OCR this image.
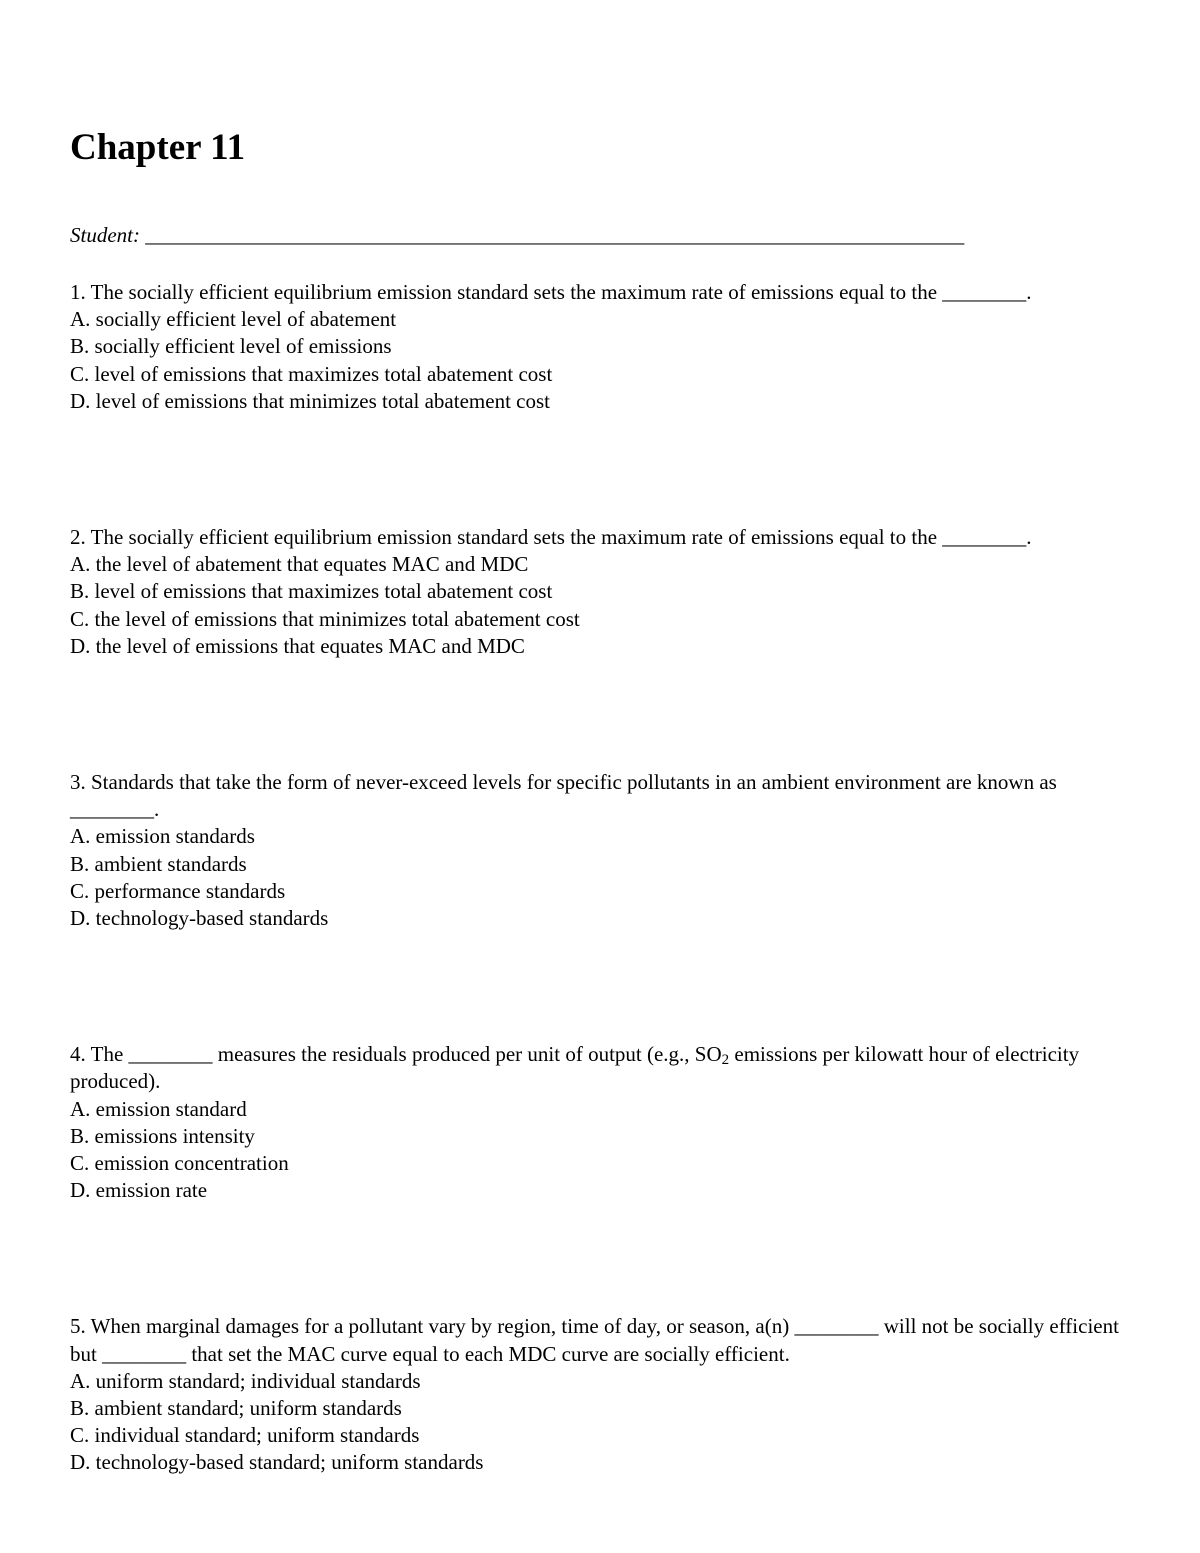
Chapter 11
Student: ______________________________________________________________________________

1. The socially efficient equilibrium emission standard sets the maximum rate of emissions equal to the ________.

A. socially efficient level of abatement

B. socially efficient level of emissions

C. level of emissions that maximizes total abatement cost

D. level of emissions that minimizes total abatement cost

2. The socially efficient equilibrium emission standard sets the maximum rate of emissions equal to the ________.

A. the level of abatement that equates MAC and MDC

B. level of emissions that maximizes total abatement cost

C. the level of emissions that minimizes total abatement cost

D. the level of emissions that equates MAC and MDC

3. Standards that take the form of never-exceed levels for specific pollutants in an ambient environment are known as ________.

A. emission standards

B. ambient standards

C. performance standards

D. technology-based standards

4. The ________ measures the residuals produced per unit of output (e.g., $SO_2$ emissions per kilowatt hour of electricity produced).

A. emission standard

B. emissions intensity

C. emission concentration

D. emission rate

5. When marginal damages for a pollutant vary by region, time of day, or season, a(n) ________ will not be socially efficient but ________ that set the MAC curve equal to each MDC curve are socially efficient.

A. uniform standard; individual standards

B. ambient standard; uniform standards

C. individual standard; uniform standards

D. technology-based standard; uniform standards
